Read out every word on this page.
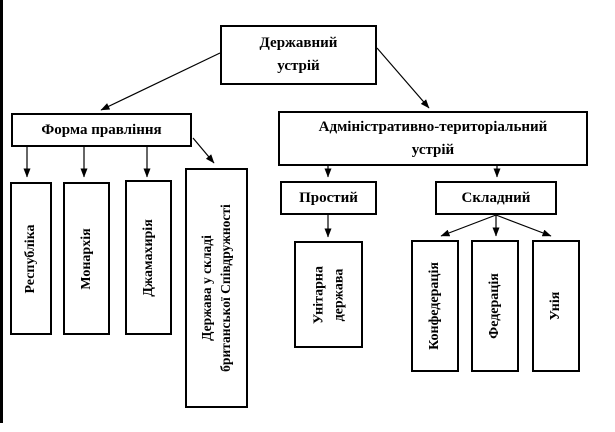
Державний
устрій
Форма правління	Адміністративно-територіальний
устрій
Простий	Складний
Республіка	Монархія	Джамахирія	Держава у складі британської Співдружності	Унітарна держава	Конфедерація	Федерація	Унія
